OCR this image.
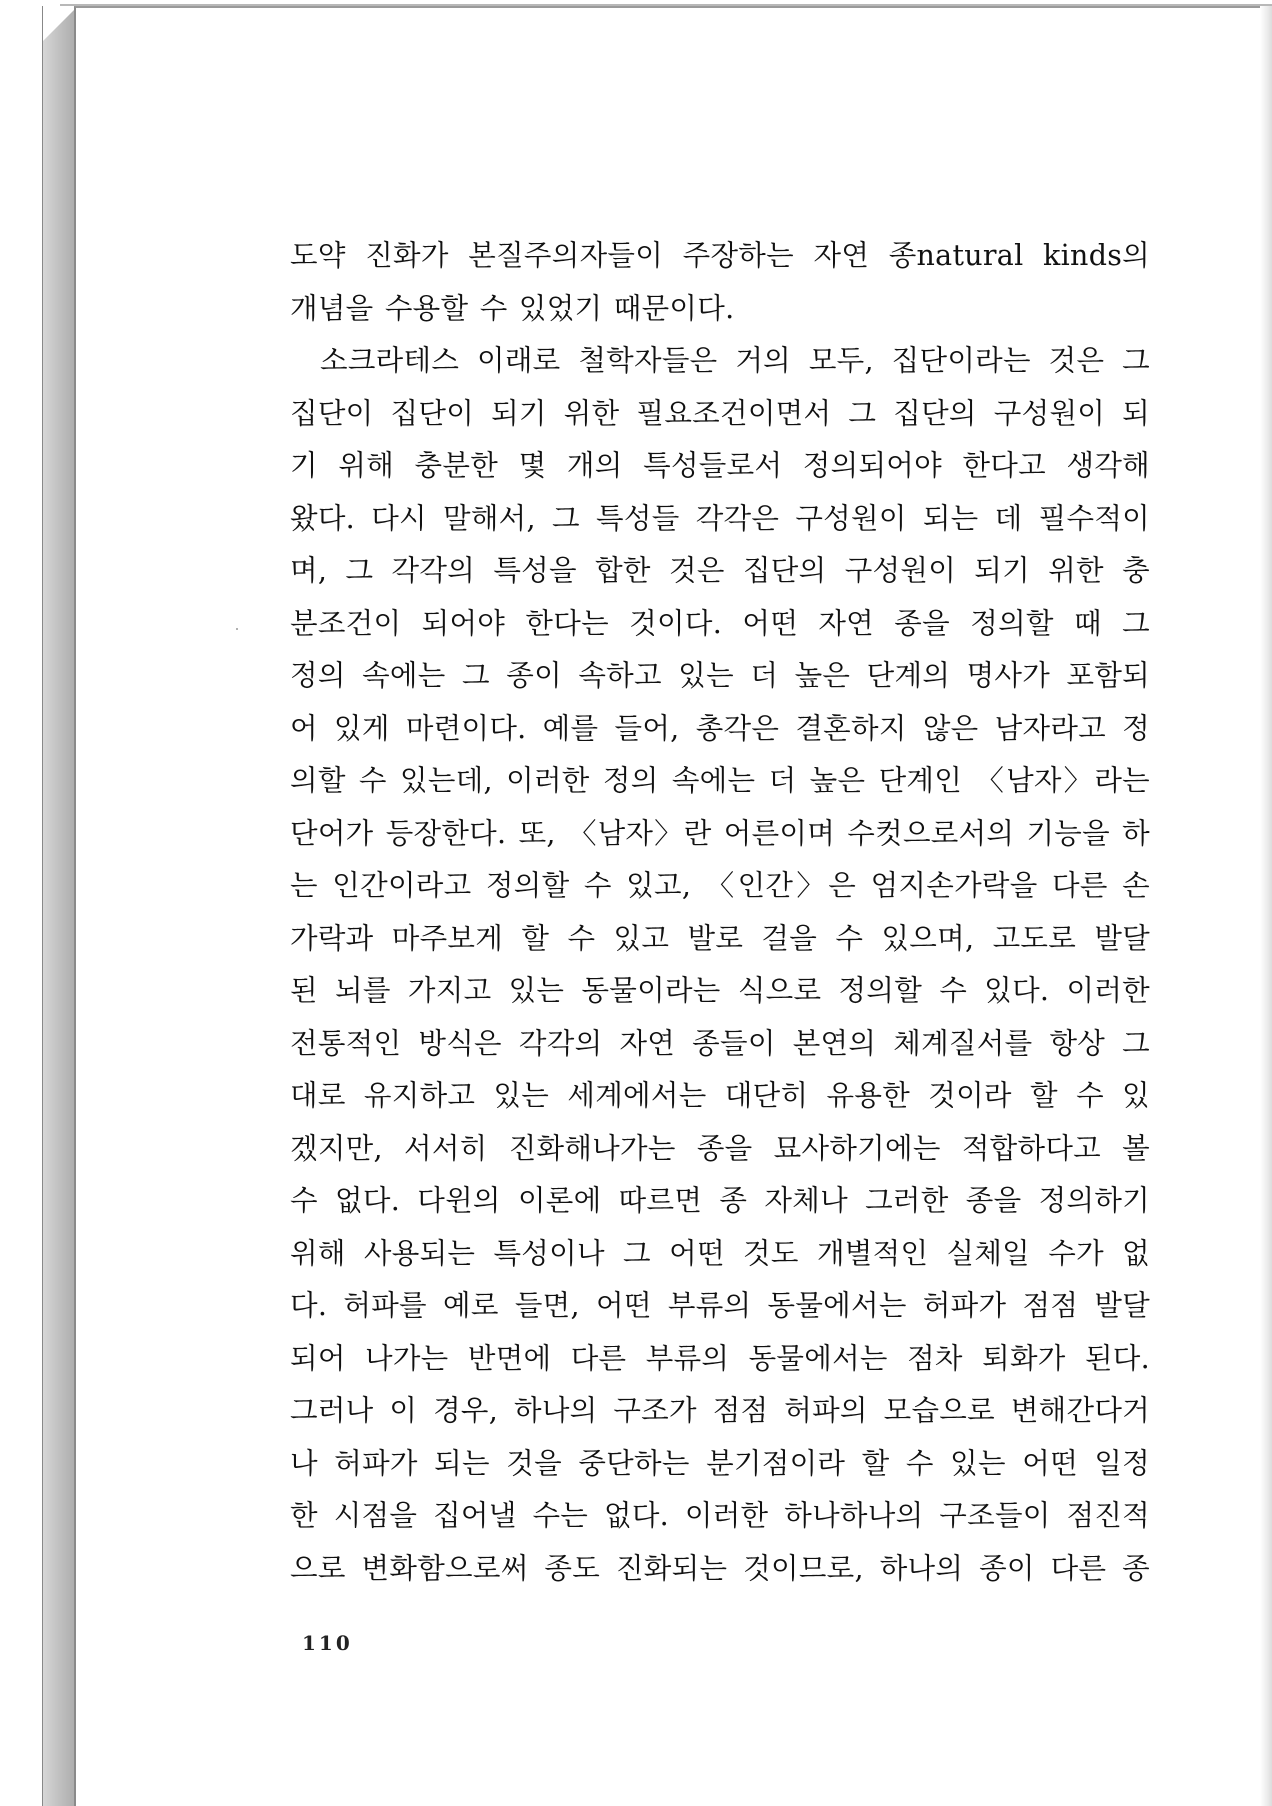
도약 진화가 본질주의자들이 주장하는 자연 종natural kinds의
개념을 수용할 수 있었기 때문이다.
소크라테스 이래로 철학자들은 거의 모두, 집단이라는 것은 그
집단이 집단이 되기 위한 필요조건이면서 그 집단의 구성원이 되
기 위해 충분한 몇 개의 특성들로서 정의되어야 한다고 생각해
왔다. 다시 말해서, 그 특성들 각각은 구성원이 되는 데 필수적이
며, 그 각각의 특성을 합한 것은 집단의 구성원이 되기 위한 충
분조건이 되어야 한다는 것이다. 어떤 자연 종을 정의할 때 그
정의 속에는 그 종이 속하고 있는 더 높은 단계의 명사가 포함되
어 있게 마련이다. 예를 들어, 총각은 결혼하지 않은 남자라고 정
의할 수 있는데, 이러한 정의 속에는 더 높은 단계인 〈남자〉라는
단어가 등장한다. 또, 〈남자〉란 어른이며 수컷으로서의 기능을 하
는 인간이라고 정의할 수 있고, 〈인간〉은 엄지손가락을 다른 손
가락과 마주보게 할 수 있고 발로 걸을 수 있으며, 고도로 발달
된 뇌를 가지고 있는 동물이라는 식으로 정의할 수 있다. 이러한
전통적인 방식은 각각의 자연 종들이 본연의 체계질서를 항상 그
대로 유지하고 있는 세계에서는 대단히 유용한 것이라 할 수 있
겠지만, 서서히 진화해나가는 종을 묘사하기에는 적합하다고 볼
수 없다. 다윈의 이론에 따르면 종 자체나 그러한 종을 정의하기
위해 사용되는 특성이나 그 어떤 것도 개별적인 실체일 수가 없
다. 허파를 예로 들면, 어떤 부류의 동물에서는 허파가 점점 발달
되어 나가는 반면에 다른 부류의 동물에서는 점차 퇴화가 된다.
그러나 이 경우, 하나의 구조가 점점 허파의 모습으로 변해간다거
나 허파가 되는 것을 중단하는 분기점이라 할 수 있는 어떤 일정
한 시점을 집어낼 수는 없다. 이러한 하나하나의 구조들이 점진적
으로 변화함으로써 종도 진화되는 것이므로, 하나의 종이 다른 종
110
